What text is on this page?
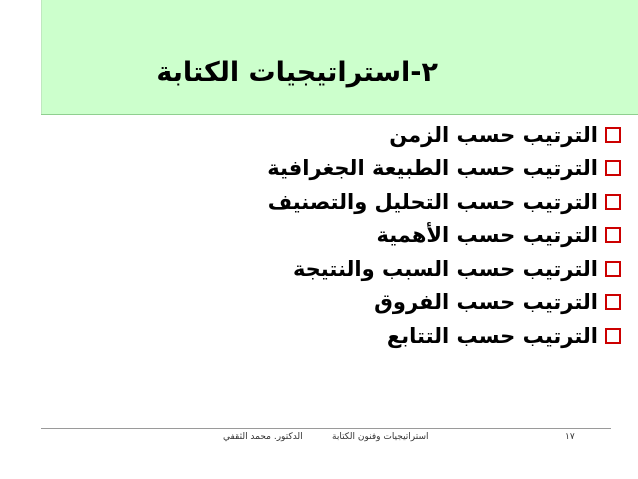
٢-استراتيجيات الكتابة
الترتيب حسب الزمن
الترتيب حسب الطبيعة الجغرافية
الترتيب حسب التحليل والتصنيف
الترتيب حسب الأهمية
الترتيب حسب السبب والنتيجة
الترتيب حسب الفروق
الترتيب حسب التتابع
١٧
استراتيجيات وفنون الكتابة
الدكتور. محمد الثقفي
